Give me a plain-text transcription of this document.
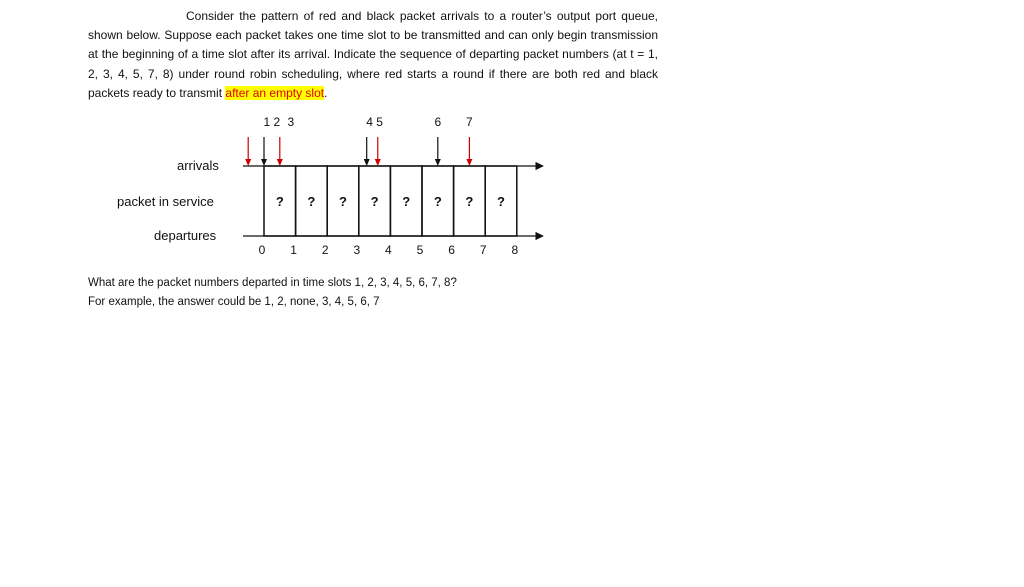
Consider the pattern of red and black packet arrivals to a router’s output port queue, shown below. Suppose each packet takes one time slot to be transmitted and can only begin transmission at the beginning of a time slot after its arrival. Indicate the sequence of departing packet numbers (at t = 1, 2, 3, 4, 5, 7, 8) under round robin scheduling, where red starts a round if there are both red and black packets ready to transmit after an empty slot.

arrivals
packet in service
departures
? ? ? ? ? ? ? ?
1 2 3	4 5	6 7
0 1 2 3 4 5 6 7 8
What are the packet numbers departed in time slots 1, 2, 3, 4, 5, 6, 7, 8?
For example, the answer could be 1, 2, none, 3, 4, 5, 6, 7
